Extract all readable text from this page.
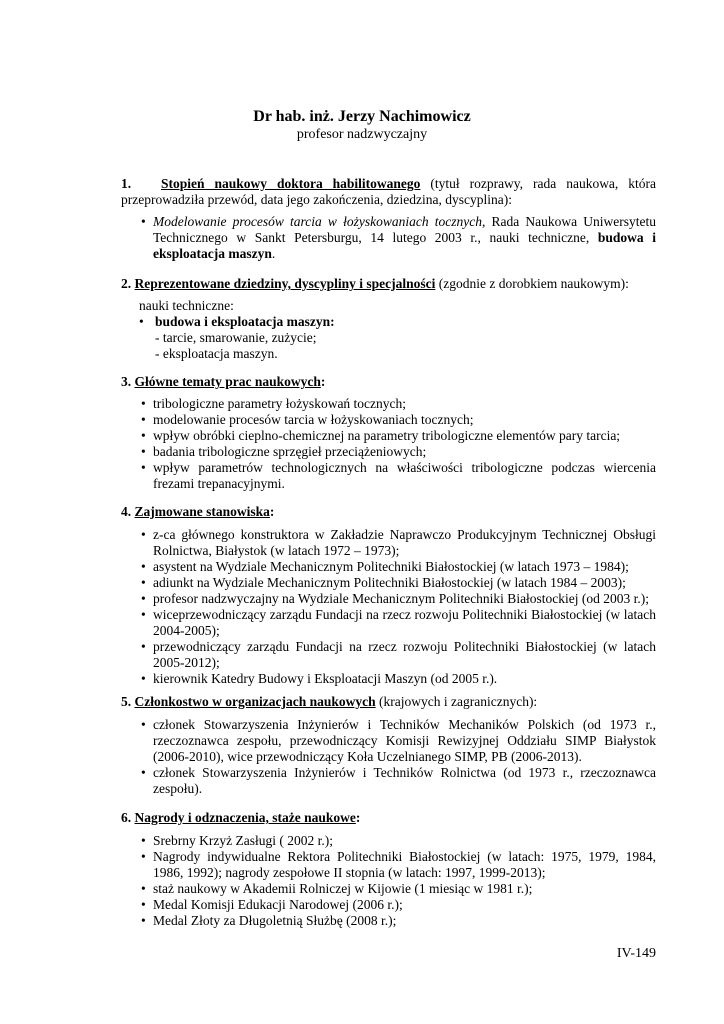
Dr hab. inż. Jerzy Nachimowicz
profesor nadzwyczajny
1. Stopień naukowy doktora habilitowanego (tytuł rozprawy, rada naukowa, która przeprowadziła przewód, data jego zakończenia, dziedzina, dyscyplina):
• Modelowanie procesów tarcia w łożyskowaniach tocznych, Rada Naukowa Uniwersytetu Technicznego w Sankt Petersburgu, 14 lutego 2003 r., nauki techniczne, budowa i eksploatacja maszyn.
2. Reprezentowane dziedziny, dyscypliny i specjalności (zgodnie z dorobkiem naukowym):
nauki techniczne:
• budowa i eksploatacja maszyn:
- tarcie, smarowanie, zużycie;
- eksploatacja maszyn.
3. Główne tematy prac naukowych:
• tribologiczne parametry łożyskowań tocznych;
• modelowanie procesów tarcia w łożyskowaniach tocznych;
• wpływ obróbki cieplno-chemicznej na parametry tribologiczne elementów pary tarcia;
• badania tribologiczne sprzęgieł przeciążeniowych;
• wpływ parametrów technologicznych na właściwości tribologiczne podczas wiercenia frezami trepanacyjnymi.
4. Zajmowane stanowiska:
• z-ca głównego konstruktora w Zakładzie Naprawczo Produkcyjnym Technicznej Obsługi Rolnictwa, Białystok (w latach 1972 – 1973);
• asystent na Wydziale Mechanicznym Politechniki Białostockiej (w latach 1973 – 1984);
• adiunkt na Wydziale Mechanicznym Politechniki Białostockiej (w latach 1984 – 2003);
• profesor nadzwyczajny na Wydziale Mechanicznym Politechniki Białostockiej (od 2003 r.);
• wiceprzewodniczący zarządu Fundacji na rzecz rozwoju Politechniki Białostockiej (w latach 2004-2005);
• przewodniczący zarządu Fundacji na rzecz rozwoju Politechniki Białostockiej (w latach 2005-2012);
• kierownik Katedry Budowy i Eksploatacji Maszyn (od 2005 r.).
5. Członkostwo w organizacjach naukowych (krajowych i zagranicznych):
• członek Stowarzyszenia Inżynierów i Techników Mechaników Polskich (od 1973 r., rzeczoznawca zespołu, przewodniczący Komisji Rewizyjnej Oddziału SIMP Białystok (2006-2010), wice przewodniczący Koła Uczelnianego SIMP, PB (2006-2013).
• członek Stowarzyszenia Inżynierów i Techników Rolnictwa (od 1973 r., rzeczoznawca zespołu).
6. Nagrody i odznaczenia, staże naukowe:
• Srebrny Krzyż Zasługi ( 2002 r.);
• Nagrody indywidualne Rektora Politechniki Białostockiej (w latach: 1975, 1979, 1984, 1986, 1992); nagrody zespołowe II stopnia (w latach: 1997, 1999-2013);
• staż naukowy w Akademii Rolniczej w Kijowie (1 miesiąc w 1981 r.);
• Medal Komisji Edukacji Narodowej (2006 r.);
• Medal Złoty za Długoletnią Służbę (2008 r.);
IV-149
